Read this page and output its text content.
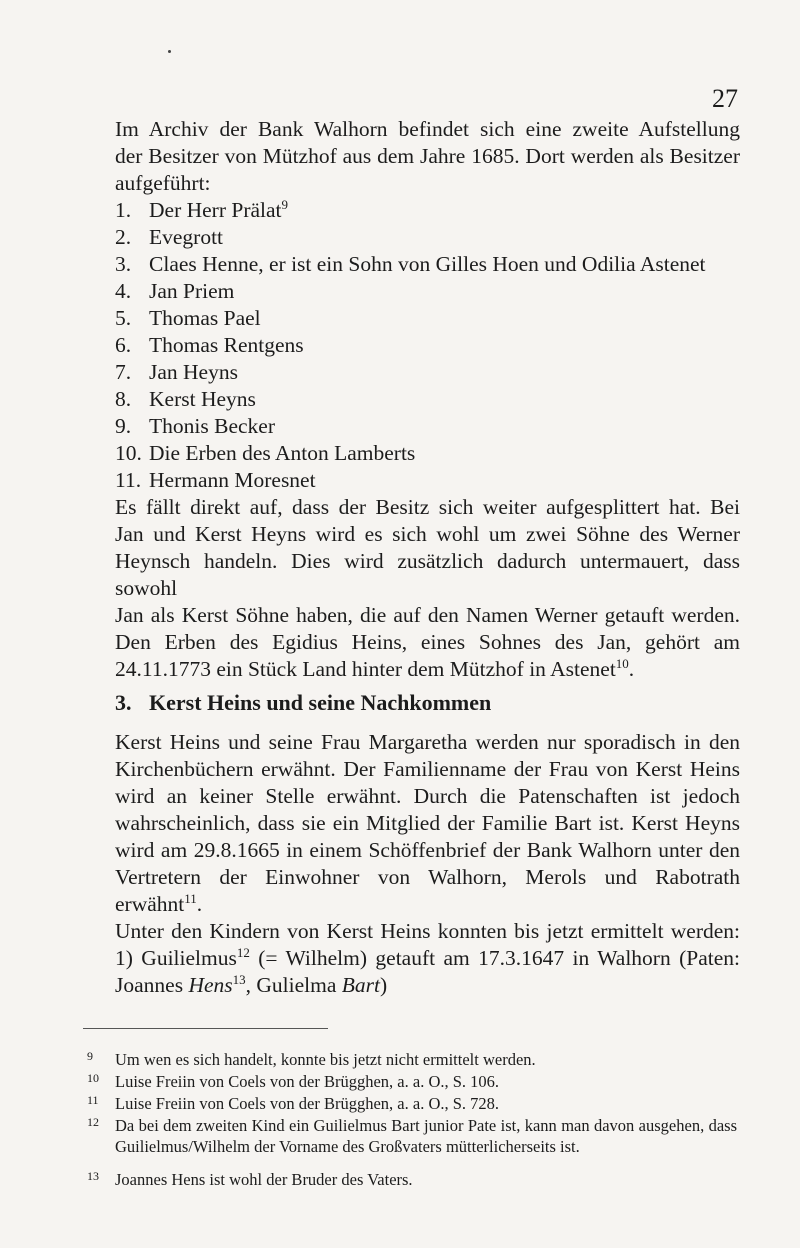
27
Im Archiv der Bank Walhorn befindet sich eine zweite Aufstellung
der Besitzer von Mützhof aus dem Jahre 1685. Dort werden als Besitzer
aufgeführt:
1. Der Herr Prälat$^9$
2. Evegrott
3. Claes Henne, er ist ein Sohn von Gilles Hoen und Odilia Astenet
4. Jan Priem
5. Thomas Pael
6. Thomas Rentgens
7. Jan Heyns
8. Kerst Heyns
9. Thonis Becker
10. Die Erben des Anton Lamberts
11. Hermann Moresnet
Es fällt direkt auf, dass der Besitz sich weiter aufgesplittert hat. Bei
Jan und Kerst Heyns wird es sich wohl um zwei Söhne des Werner
Heynsch handeln. Dies wird zusätzlich dadurch untermauert, dass sowohl
Jan als Kerst Söhne haben, die auf den Namen Werner getauft werden.
Den Erben des Egidius Heins, eines Sohnes des Jan, gehört am
24.11.1773 ein Stück Land hinter dem Mützhof in Astenet$^{10}$.
3. Kerst Heins und seine Nachkommen
Kerst Heins und seine Frau Margaretha werden nur sporadisch in den
Kirchenbüchern erwähnt. Der Familienname der Frau von Kerst Heins
wird an keiner Stelle erwähnt. Durch die Patenschaften ist jedoch
wahrscheinlich, dass sie ein Mitglied der Familie Bart ist. Kerst Heyns
wird am 29.8.1665 in einem Schöffenbrief der Bank Walhorn unter den
Vertretern der Einwohner von Walhorn, Merols und Rabotrath erwähnt$^{11}$.
Unter den Kindern von Kerst Heins konnten bis jetzt ermittelt werden:
1) Guilielmus$^{12}$ (= Wilhelm) getauft am 17.3.1647 in Walhorn (Paten:
Joannes Hens$^{13}$, Gulielma Bart)
9 Um wen es sich handelt, konnte bis jetzt nicht ermittelt werden.
10 Luise Freiin von Coels von der Brügghen, a. a. O., S. 106.
11 Luise Freiin von Coels von der Brügghen, a. a. O., S. 728.
12 Da bei dem zweiten Kind ein Guilielmus Bart junior Pate ist, kann man davon ausgehen, dass Guilielmus/Wilhelm der Vorname des Großvaters mütterlicherseits ist.
13 Joannes Hens ist wohl der Bruder des Vaters.
